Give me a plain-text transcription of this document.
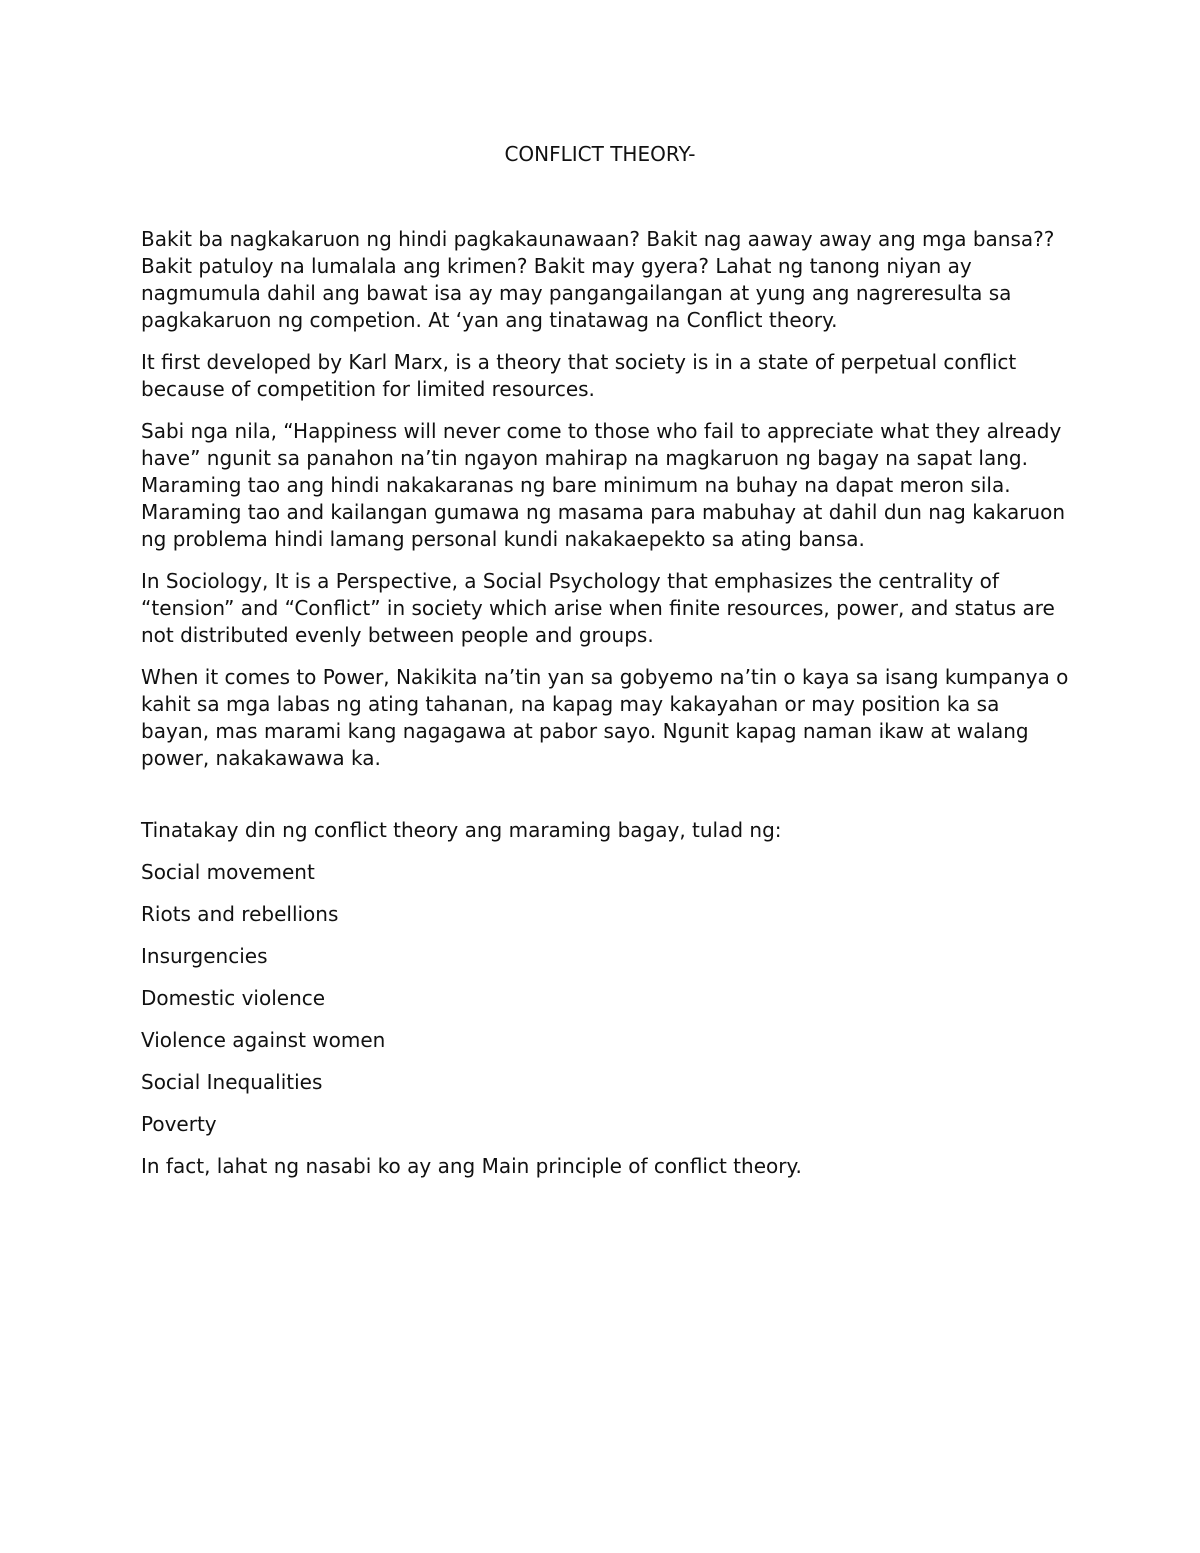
CONFLICT THEORY-

Bakit ba nagkakaruon ng hindi pagkakaunawaan? Bakit nag aaway away ang mga bansa?? Bakit patuloy na lumalala ang krimen? Bakit may gyera? Lahat ng tanong niyan ay nagmumula dahil ang bawat isa ay may pangangailangan at yung ang nagreresulta sa pagkakaruon ng competion. At ‘yan ang tinatawag na Conflict theory.

It first developed by Karl Marx, is a theory that society is in a state of perpetual conflict because of competition for limited resources.

Sabi nga nila, “Happiness will never come to those who fail to appreciate what they already have” ngunit sa panahon na’tin ngayon mahirap na magkaruon ng bagay na sapat lang. Maraming tao ang hindi nakakaranas ng bare minimum na buhay na dapat meron sila. Maraming tao and kailangan gumawa ng masama para mabuhay at dahil dun nag kakaruon ng problema hindi lamang personal kundi nakakaepekto sa ating bansa.

In Sociology, It is a Perspective, a Social Psychology that emphasizes the centrality of “tension” and “Conflict” in society which arise when finite resources, power, and status are not distributed evenly between people and groups.

When it comes to Power, Nakikita na’tin yan sa gobyemo na’tin o kaya sa isang kumpanya o kahit sa mga labas ng ating tahanan, na kapag may kakayahan or may position ka sa bayan, mas marami kang nagagawa at pabor sayo. Ngunit kapag naman ikaw at walang power, nakakawawa ka.

Tinatakay din ng conflict theory ang maraming bagay, tulad ng:

Social movement

Riots and rebellions

Insurgencies

Domestic violence

Violence against women

Social Inequalities

Poverty

In fact, lahat ng nasabi ko ay ang Main principle of conflict theory.
